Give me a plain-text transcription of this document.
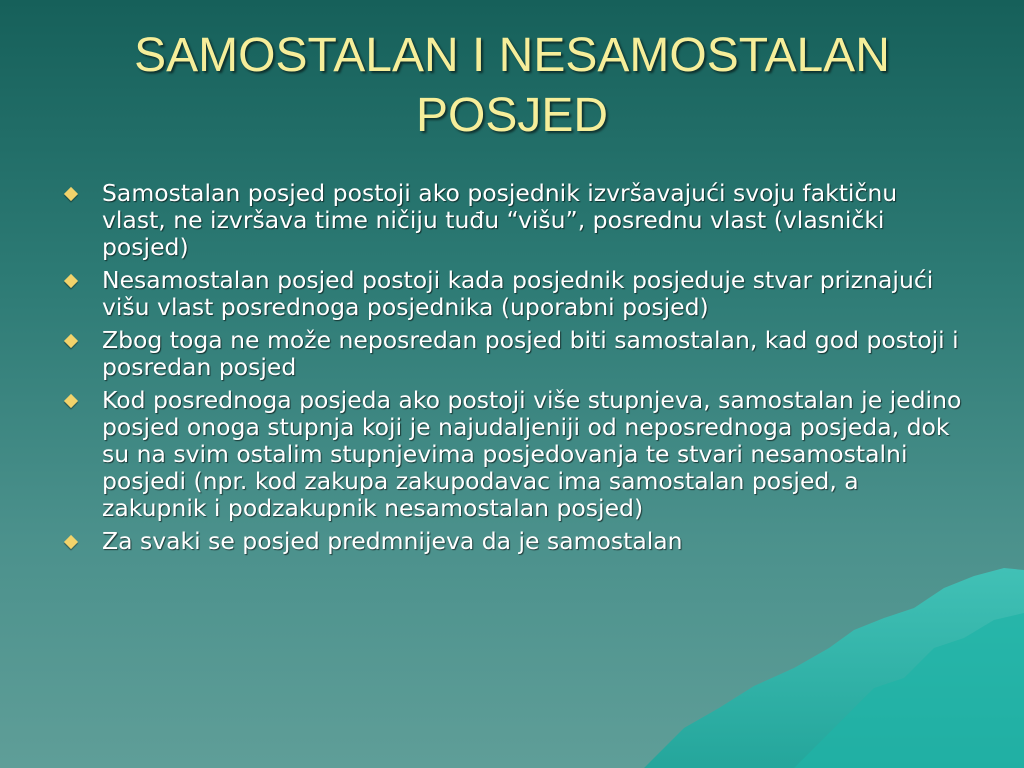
SAMOSTALAN I NESAMOSTALAN
POSJED
Samostalan posjed postoji ako posjednik izvršavajući svoju faktičnu vlast, ne izvršava time ničiju tuđu “višu”, posrednu vlast (vlasnički posjed)
Nesamostalan posjed postoji kada posjednik posjeduje stvar priznajući višu vlast posrednoga posjednika (uporabni posjed)
Zbog toga ne može neposredan posjed biti samostalan, kad god postoji i posredan posjed
Kod posrednoga posjeda ako postoji više stupnjeva, samostalan je jedino posjed onoga stupnja koji je najudaljeniji od neposrednoga posjeda, dok su na svim ostalim stupnjevima posjedovanja te stvari nesamostalni posjedi (npr. kod zakupa zakupodavac ima samostalan posjed, a zakupnik i podzakupnik nesamostalan posjed)
Za svaki se posjed predmnijeva da je samostalan
